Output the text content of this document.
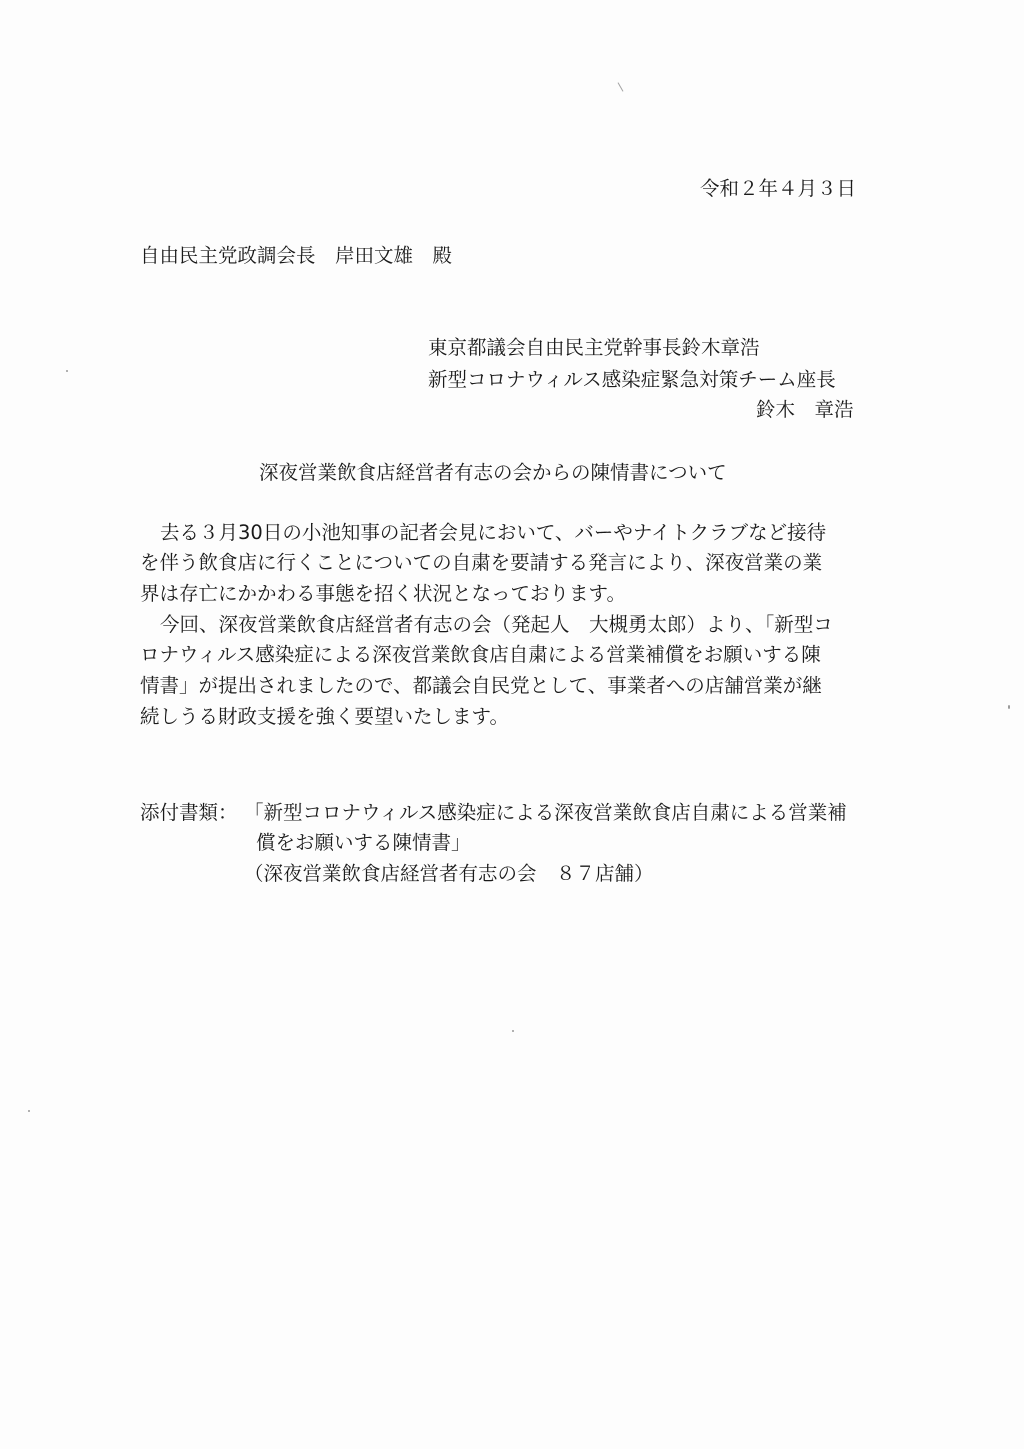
令和２年４月３日

自由民主党政調会長　岸田文雄　殿

東京都議会自由民主党幹事長鈴木章浩

新型コロナウィルス感染症緊急対策チーム座長

鈴木　章浩

深夜営業飲食店経営者有志の会からの陳情書について

去る３月30日の小池知事の記者会見において、バーやナイトクラブなど接待

を伴う飲食店に行くことについての自粛を要請する発言により、深夜営業の業

界は存亡にかかわる事態を招く状況となっております。

今回、深夜営業飲食店経営者有志の会（発起人　大槻勇太郎）より、「新型コ

ロナウィルス感染症による深夜営業飲食店自粛による営業補償をお願いする陳

情書」が提出されましたので、都議会自民党として、事業者への店舗営業が継

続しうる財政支援を強く要望いたします。

添付書類： 「新型コロナウィルス感染症による深夜営業飲食店自粛による営業補

償をお願いする陳情書」

（深夜営業飲食店経営者有志の会　８７店舗）
